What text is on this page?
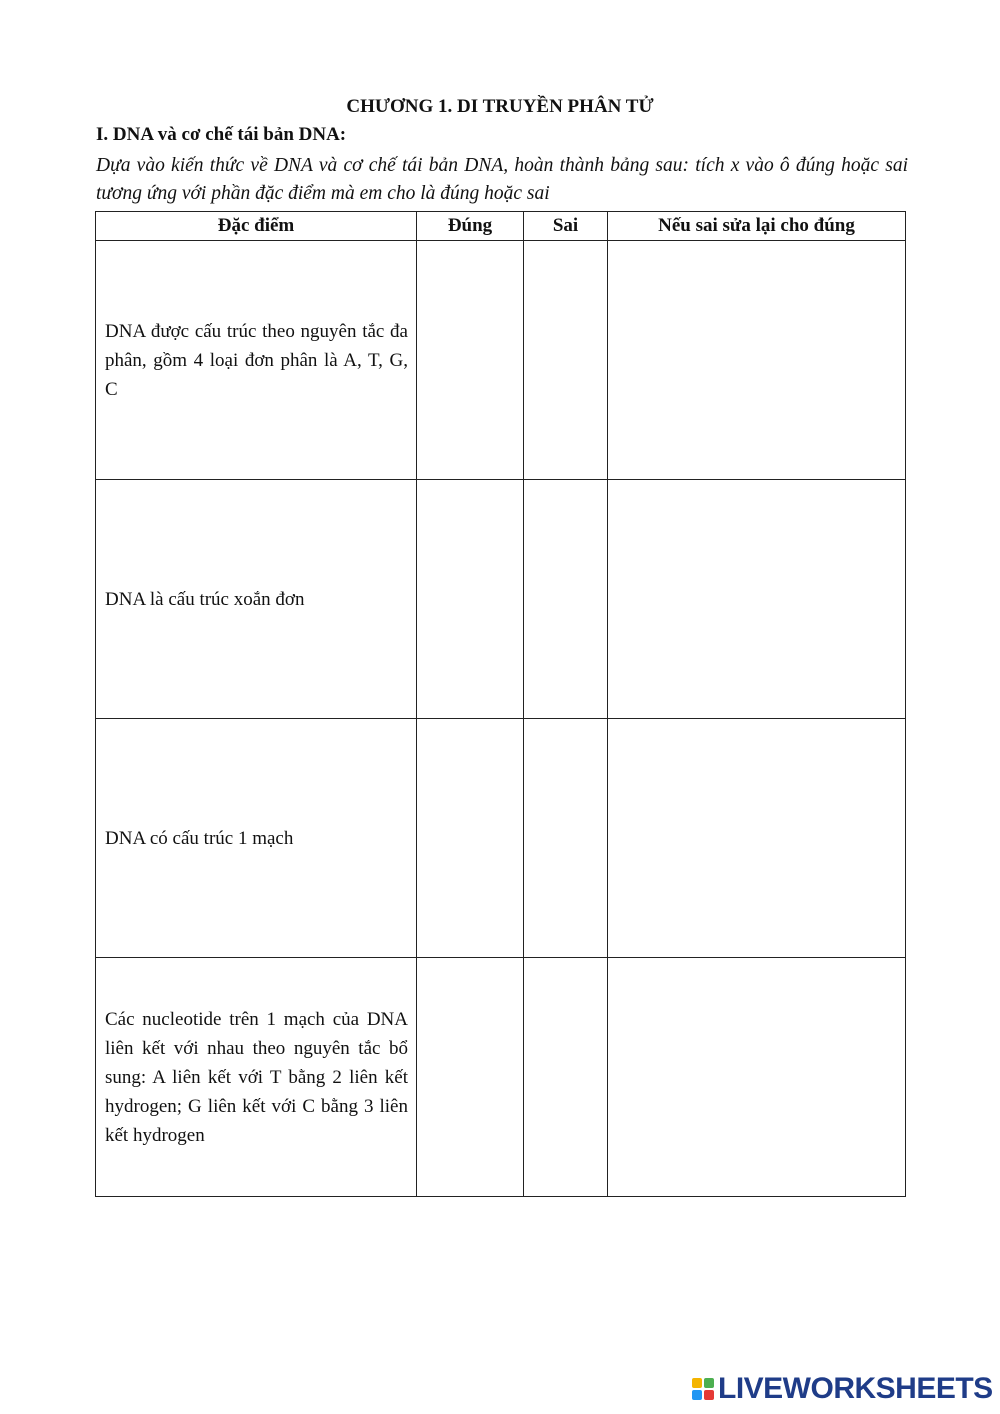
CHƯƠNG 1. DI TRUYỀN PHÂN TỬ
I. DNA và cơ chế tái bản DNA:
Dựa vào kiến thức về DNA và cơ chế tái bản DNA, hoàn thành bảng sau: tích x vào ô đúng hoặc sai tương ứng với phần đặc điểm mà em cho là đúng hoặc sai
Đặc điểm	Đúng	Sai	Nếu sai sửa lại cho đúng
DNA được cấu trúc theo nguyên tắc đa phân, gồm 4 loại đơn phân là A, T, G, C			
DNA là cấu trúc xoắn đơn			
DNA có cấu trúc 1 mạch			
Các nucleotide trên 1 mạch của DNA liên kết với nhau theo nguyên tắc bổ sung: A liên kết với T bằng 2 liên kết hydrogen; G liên kết với C bằng 3 liên kết hydrogen			
LIVEWORKSHEETS
